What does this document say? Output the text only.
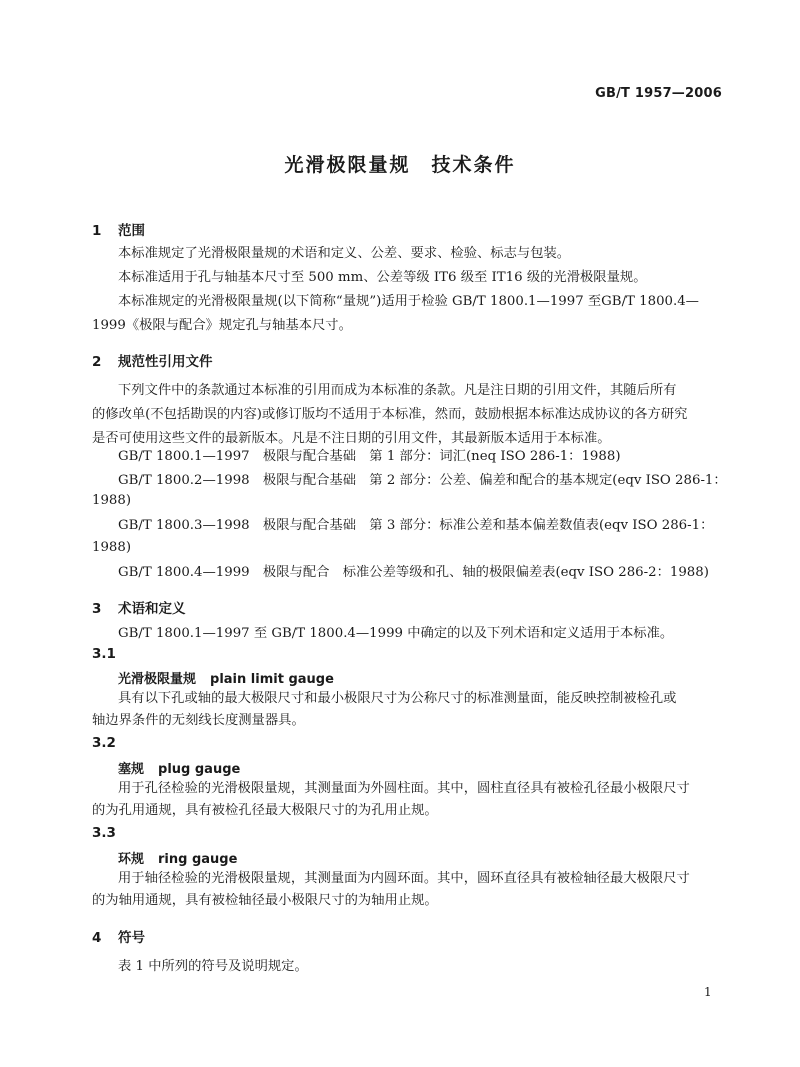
GB/T 1957—2006
光滑极限量规　技术条件
1 范围
本标准规定了光滑极限量规的术语和定义、公差、要求、检验、标志与包装。
本标准适用于孔与轴基本尺寸至 500 mm、公差等级 IT6 级至 IT16 级的光滑极限量规。
本标准规定的光滑极限量规(以下简称“量规”)适用于检验 GB/T 1800.1—1997 至GB/T 1800.4—
1999《极限与配合》规定孔与轴基本尺寸。
2 规范性引用文件
下列文件中的条款通过本标准的引用而成为本标准的条款。凡是注日期的引用文件，其随后所有
的修改单(不包括勘误的内容)或修订版均不适用于本标准，然而，鼓励根据本标准达成协议的各方研究
是否可使用这些文件的最新版本。凡是不注日期的引用文件，其最新版本适用于本标准。
GB/T 1800.1—1997　极限与配合基础　第 1 部分：词汇(neq ISO 286-1：1988)
GB/T 1800.2—1998　极限与配合基础　第 2 部分：公差、偏差和配合的基本规定(eqv ISO 286-1：
1988)
GB/T 1800.3—1998　极限与配合基础　第 3 部分：标准公差和基本偏差数值表(eqv ISO 286-1：
1988)
GB/T 1800.4—1999　极限与配合　标准公差等级和孔、轴的极限偏差表(eqv ISO 286-2：1988)
3 术语和定义
GB/T 1800.1—1997 至 GB/T 1800.4—1999 中确定的以及下列术语和定义适用于本标准。
3.1
光滑极限量规 plain limit gauge
具有以下孔或轴的最大极限尺寸和最小极限尺寸为公称尺寸的标准测量面，能反映控制被检孔或
轴边界条件的无刻线长度测量器具。
3.2
塞规 plug gauge
用于孔径检验的光滑极限量规，其测量面为外圆柱面。其中，圆柱直径具有被检孔径最小极限尺寸
的为孔用通规，具有被检孔径最大极限尺寸的为孔用止规。
3.3
环规 ring gauge
用于轴径检验的光滑极限量规，其测量面为内圆环面。其中，圆环直径具有被检轴径最大极限尺寸
的为轴用通规，具有被检轴径最小极限尺寸的为轴用止规。
4 符号
表 1 中所列的符号及说明规定。
1
